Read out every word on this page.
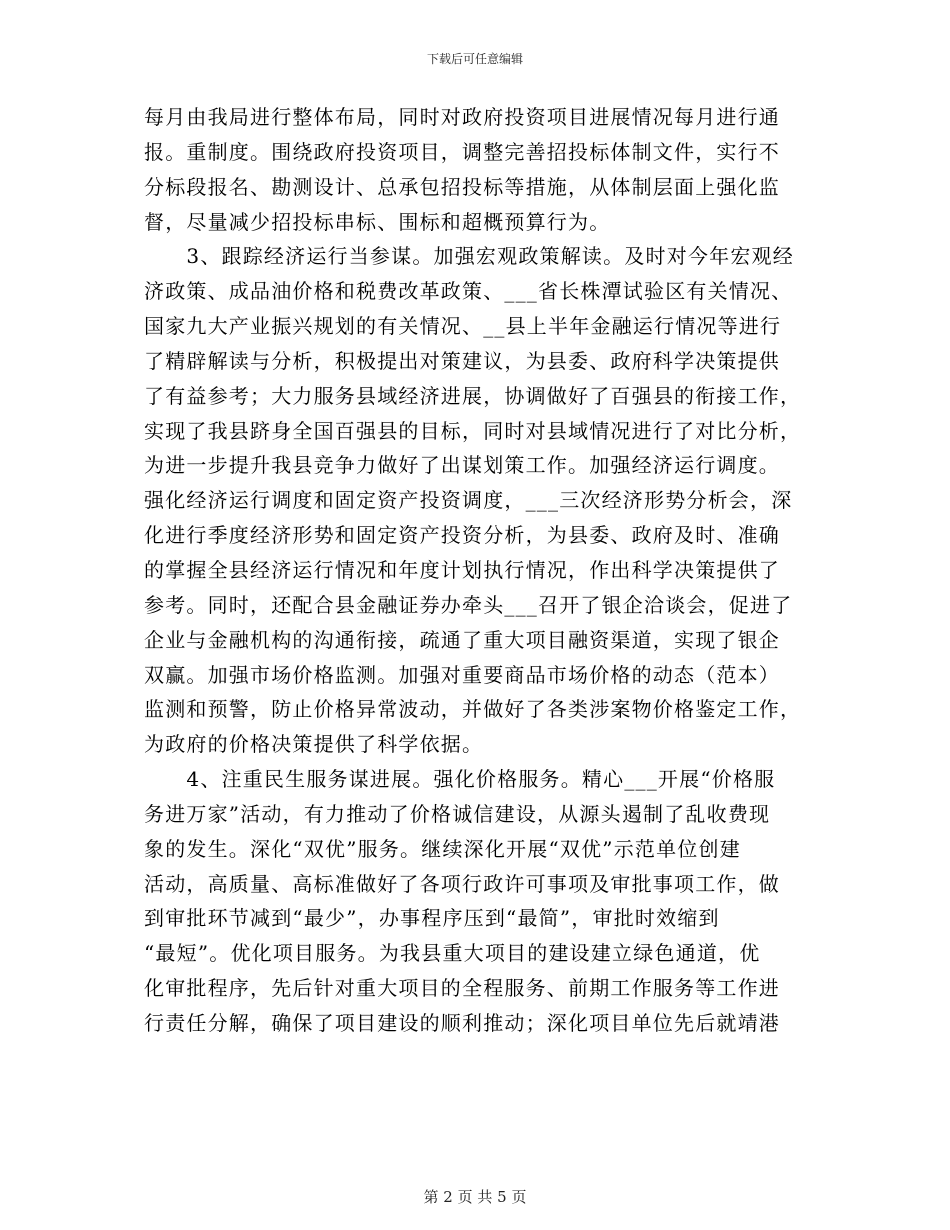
下载后可任意编辑

每月由我局进行整体布局，同时对政府投资项目进展情况每月进行通
报。重制度。围绕政府投资项目，调整完善招投标体制文件，实行不
分标段报名、勘测设计、总承包招投标等措施，从体制层面上强化监
督，尽量减少招投标串标、围标和超概预算行为。

　　3、跟踪经济运行当参谋。加强宏观政策解读。及时对今年宏观经
济政策、成品油价格和税费改革政策、___省长株潭试验区有关情况、
国家九大产业振兴规划的有关情况、__县上半年金融运行情况等进行
了精辟解读与分析，积极提出对策建议，为县委、政府科学决策提供
了有益参考；大力服务县域经济进展，协调做好了百强县的衔接工作，
实现了我县跻身全国百强县的目标，同时对县域情况进行了对比分析，
为进一步提升我县竞争力做好了出谋划策工作。加强经济运行调度。
强化经济运行调度和固定资产投资调度，___三次经济形势分析会，深
化进行季度经济形势和固定资产投资分析，为县委、政府及时、准确
的掌握全县经济运行情况和年度计划执行情况，作出科学决策提供了
参考。同时，还配合县金融证券办牵头___召开了银企洽谈会，促进了
企业与金融机构的沟通衔接，疏通了重大项目融资渠道，实现了银企
双赢。加强市场价格监测。加强对重要商品市场价格的动态（范本）
监测和预警，防止价格异常波动，并做好了各类涉案物价格鉴定工作，
为政府的价格决策提供了科学依据。

　　4、注重民生服务谋进展。强化价格服务。精心___开展“价格服
务进万家”活动，有力推动了价格诚信建设，从源头遏制了乱收费现
象的发生。深化“双优”服务。继续深化开展“双优”示范单位创建
活动，高质量、高标准做好了各项行政许可事项及审批事项工作，做
到审批环节减到“最少”，办事程序压到“最简”，审批时效缩到
“最短”。优化项目服务。为我县重大项目的建设建立绿色通道，优
化审批程序，先后针对重大项目的全程服务、前期工作服务等工作进
行责任分解，确保了项目建设的顺利推动；深化项目单位先后就靖港

第 2 页 共 5 页
